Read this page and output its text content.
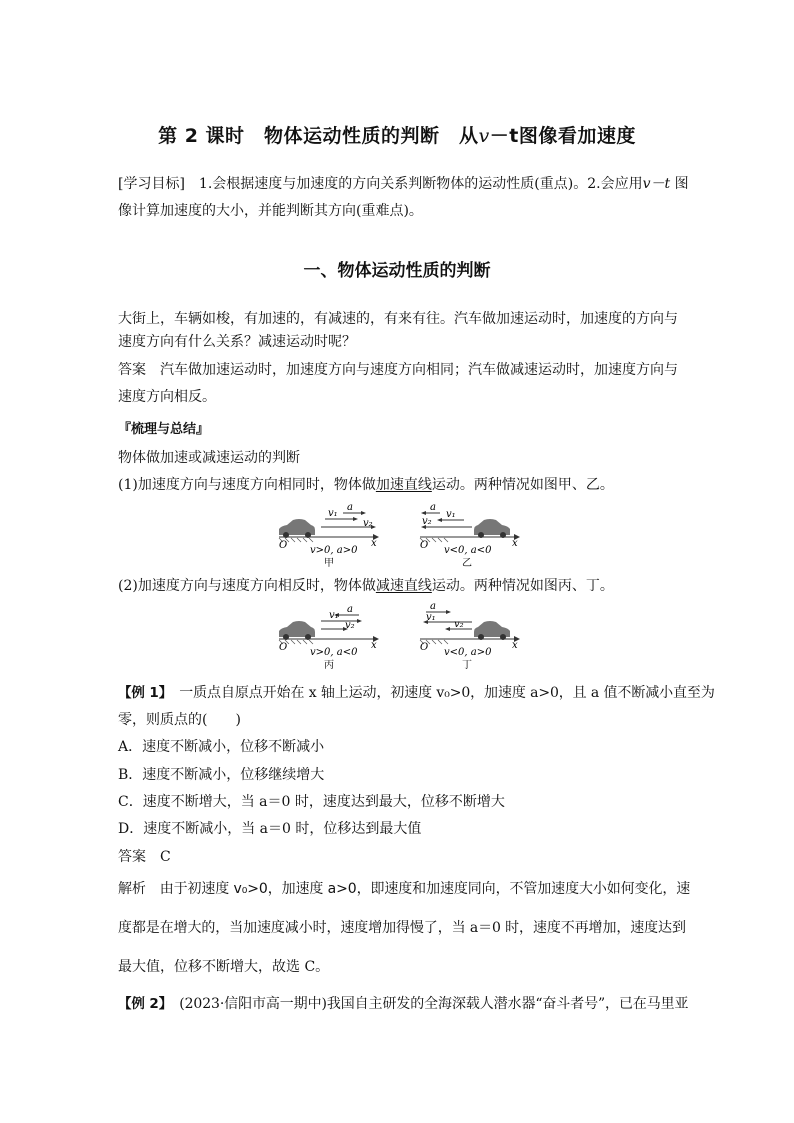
第 2 课时　物体运动性质的判断　从v－t图像看加速度
[学习目标]　1.会根据速度与加速度的方向关系判断物体的运动性质(重点)。2.会应用v－t 图
像计算加速度的大小，并能判断其方向(重难点)。
一、物体运动性质的判断
大街上，车辆如梭，有加速的，有减速的，有来有往。汽车做加速运动时，加速度的方向与
速度方向有什么关系？减速运动时呢？
答案　汽车做加速运动时，加速度方向与速度方向相同；汽车做减速运动时，加速度方向与
速度方向相反。
『梳理与总结』
物体做加速或减速运动的判断
(1)加速度方向与速度方向相同时，物体做加速直线运动。两种情况如图甲、乙。
v₁
a
v₂
O	x
v>0, a>0
甲
a
v₁
v₂
O	x
v<0, a<0
乙
(2)加速度方向与速度方向相反时，物体做减速直线运动。两种情况如图丙、丁。
v₁
a
v₂
O	x
v>0, a<0
丙
a
v₁
v₂
O	x
v<0, a>0
丁
【例 1】　一质点自原点开始在 x 轴上运动，初速度 v₀>0，加速度 a>0，且 a 值不断减小直至为
零，则质点的(　　)
A．速度不断减小，位移不断减小
B．速度不断减小，位移继续增大
C．速度不断增大，当 a＝0 时，速度达到最大，位移不断增大
D．速度不断减小，当 a＝0 时，位移达到最大值
答案　C
解析　由于初速度 v₀>0，加速度 a>0，即速度和加速度同向，不管加速度大小如何变化，速
度都是在增大的，当加速度减小时，速度增加得慢了，当 a＝0 时，速度不再增加，速度达到
最大值，位移不断增大，故选 C。
【例 2】　(2023·信阳市高一期中)我国自主研发的全海深载人潜水器“奋斗者号”，已在马里亚
